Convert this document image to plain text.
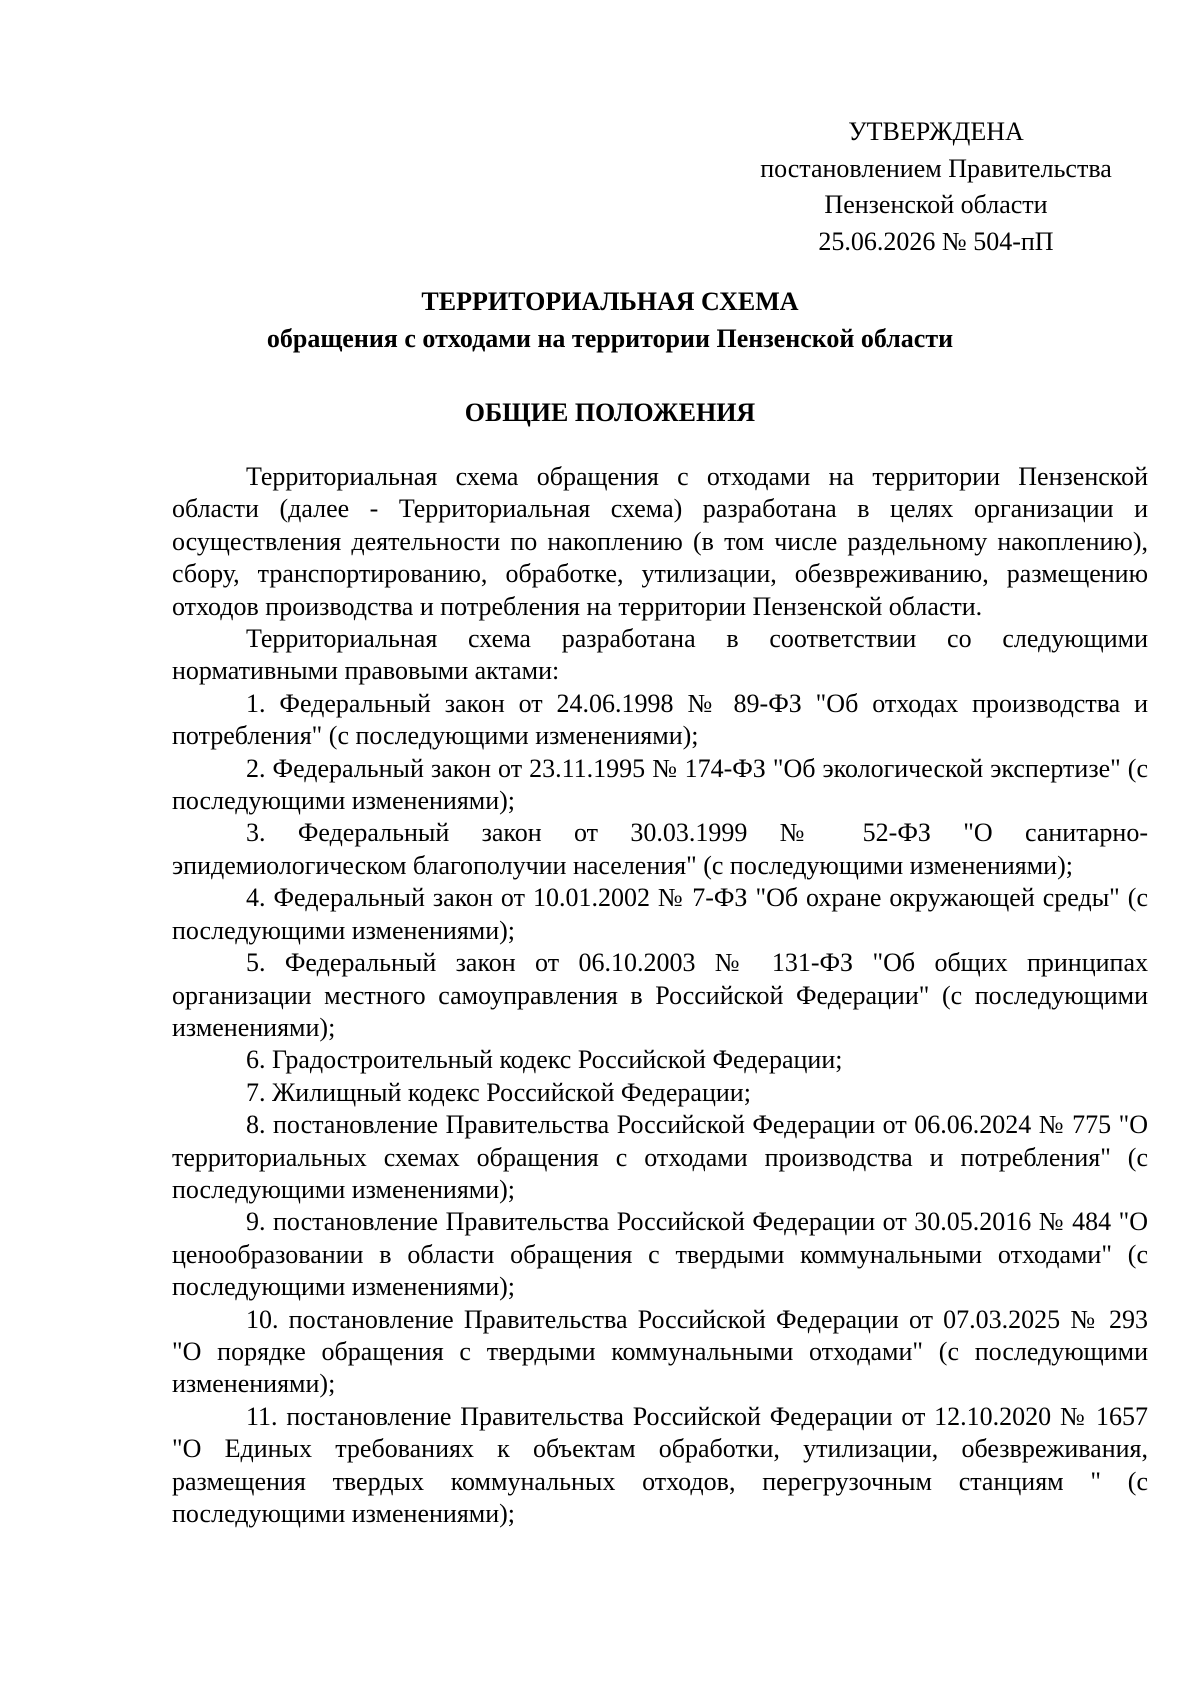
УТВЕРЖДЕНА
постановлением Правительства
Пензенской области
25.06.2026 № 504-пП
ТЕРРИТОРИАЛЬНАЯ СХЕМА
обращения с отходами на территории Пензенской области
ОБЩИЕ ПОЛОЖЕНИЯ

Территориальная схема обращения с отходами на территории Пензенской области (далее - Территориальная схема) разработана в целях организации и осуществления деятельности по накоплению (в том числе раздельному накоплению), сбору, транспортированию, обработке, утилизации, обезвреживанию, размещению отходов производства и потребления на территории Пензенской области.

Территориальная схема разработана в соответствии со следующими нормативными правовыми актами:

1. Федеральный закон от 24.06.1998 № 89-ФЗ "Об отходах производства и потребления" (с последующими изменениями);

2. Федеральный закон от 23.11.1995 № 174-ФЗ "Об экологической экспертизе" (с последующими изменениями);

3. Федеральный закон от 30.03.1999 № 52-ФЗ "О санитарно-эпидемиологическом благополучии населения" (с последующими изменениями);

4. Федеральный закон от 10.01.2002 № 7-ФЗ "Об охране окружающей среды" (с последующими изменениями);

5. Федеральный закон от 06.10.2003 № 131-ФЗ "Об общих принципах организации местного самоуправления в Российской Федерации" (с последующими изменениями);

6. Градостроительный кодекс Российской Федерации;

7. Жилищный кодекс Российской Федерации;

8. постановление Правительства Российской Федерации от 06.06.2024 № 775 "О территориальных схемах обращения с отходами производства и потребления" (с последующими изменениями);

9. постановление Правительства Российской Федерации от 30.05.2016 № 484 "О ценообразовании в области обращения с твердыми коммунальными отходами" (с последующими изменениями);

10. постановление Правительства Российской Федерации от 07.03.2025 № 293 "О порядке обращения с твердыми коммунальными отходами" (с последующими изменениями);

11. постановление Правительства Российской Федерации от 12.10.2020 № 1657 "О Единых требованиях к объектам обработки, утилизации, обезвреживания, размещения твердых коммунальных отходов, перегрузочным станциям " (с последующими изменениями);
